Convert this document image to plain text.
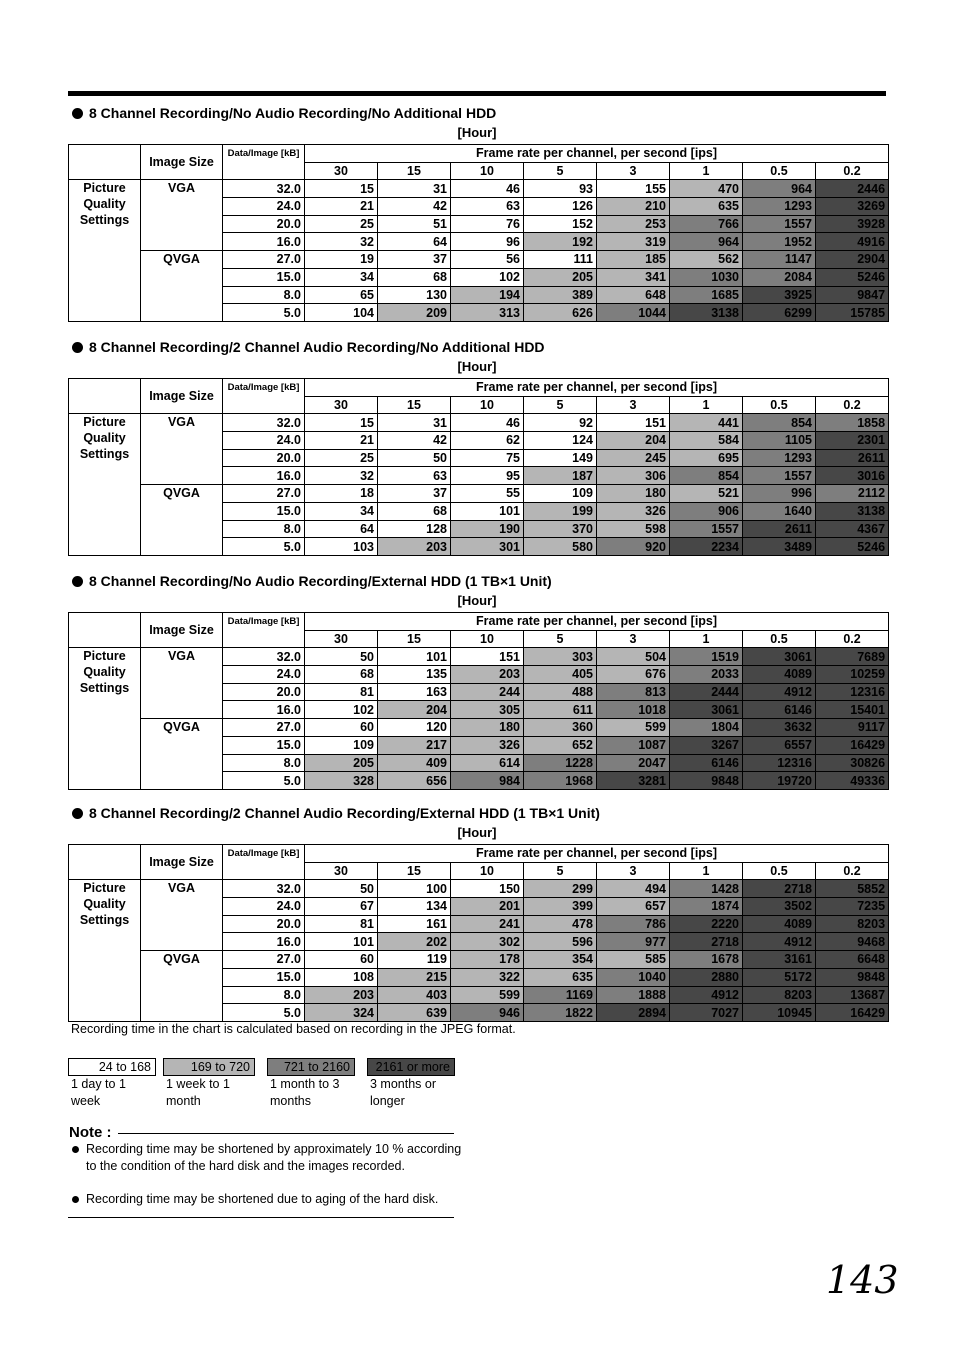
8 Channel Recording/No Audio Recording/No Additional HDD
[Hour]
	Image Size	Data/Image [kB]	Frame rate per channel, per second [ips]							
			30	15	10	5	3	1	0.5	0.2
Picture Quality Settings	VGA	32.0	15	31	46	93	155	470	964	2446
		24.0	21	42	63	126	210	635	1293	3269
		20.0	25	51	76	152	253	766	1557	3928
		16.0	32	64	96	192	319	964	1952	4916
	QVGA	27.0	19	37	56	111	185	562	1147	2904
		15.0	34	68	102	205	341	1030	2084	5246
		8.0	65	130	194	389	648	1685	3925	9847
		5.0	104	209	313	626	1044	3138	6299	15785
8 Channel Recording/2 Channel Audio Recording/No Additional HDD
[Hour]
	Image Size	Data/Image [kB]	Frame rate per channel, per second [ips]							
			30	15	10	5	3	1	0.5	0.2
Picture Quality Settings	VGA	32.0	15	31	46	92	151	441	854	1858
		24.0	21	42	62	124	204	584	1105	2301
		20.0	25	50	75	149	245	695	1293	2611
		16.0	32	63	95	187	306	854	1557	3016
	QVGA	27.0	18	37	55	109	180	521	996	2112
		15.0	34	68	101	199	326	906	1640	3138
		8.0	64	128	190	370	598	1557	2611	4367
		5.0	103	203	301	580	920	2234	3489	5246
8 Channel Recording/No Audio Recording/External HDD (1 TB×1 Unit)
[Hour]
	Image Size	Data/Image [kB]	Frame rate per channel, per second [ips]							
			30	15	10	5	3	1	0.5	0.2
Picture Quality Settings	VGA	32.0	50	101	151	303	504	1519	3061	7689
		24.0	68	135	203	405	676	2033	4089	10259
		20.0	81	163	244	488	813	2444	4912	12316
		16.0	102	204	305	611	1018	3061	6146	15401
	QVGA	27.0	60	120	180	360	599	1804	3632	9117
		15.0	109	217	326	652	1087	3267	6557	16429
		8.0	205	409	614	1228	2047	6146	12316	30826
		5.0	328	656	984	1968	3281	9848	19720	49336
8 Channel Recording/2 Channel Audio Recording/External HDD (1 TB×1 Unit)
[Hour]
	Image Size	Data/Image [kB]	Frame rate per channel, per second [ips]							
			30	15	10	5	3	1	0.5	0.2
Picture Quality Settings	VGA	32.0	50	100	150	299	494	1428	2718	5852
		24.0	67	134	201	399	657	1874	3502	7235
		20.0	81	161	241	478	786	2220	4089	8203
		16.0	101	202	302	596	977	2718	4912	9468
	QVGA	27.0	60	119	178	354	585	1678	3161	6648
		15.0	108	215	322	635	1040	2880	5172	9848
		8.0	203	403	599	1169	1888	4912	8203	13687
		5.0	324	639	946	1822	2894	7027	10945	16429
Recording time in the chart is calculated based on recording in the JPEG format.
24 to 168	169 to 720	721 to 2160	2161 or more
1 day to 1 week
1 week to 1 month
1 month to 3 months
3 months or longer
Note :
Recording time may be shortened by approximately 10 % according to the condition of the hard disk and the images recorded.
Recording time may be shortened due to aging of the hard disk.
143
